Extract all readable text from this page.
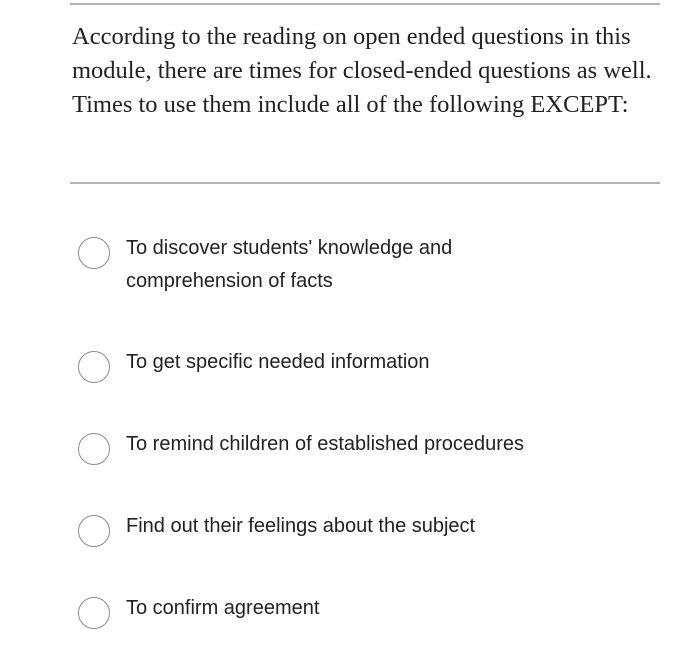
According to the reading on open ended questions in this module, there are times for closed-ended questions as well. Times to use them include all of the following EXCEPT:

To discover students' knowledge and comprehension of facts
To get specific needed information
To remind children of established procedures
Find out their feelings about the subject
To confirm agreement
